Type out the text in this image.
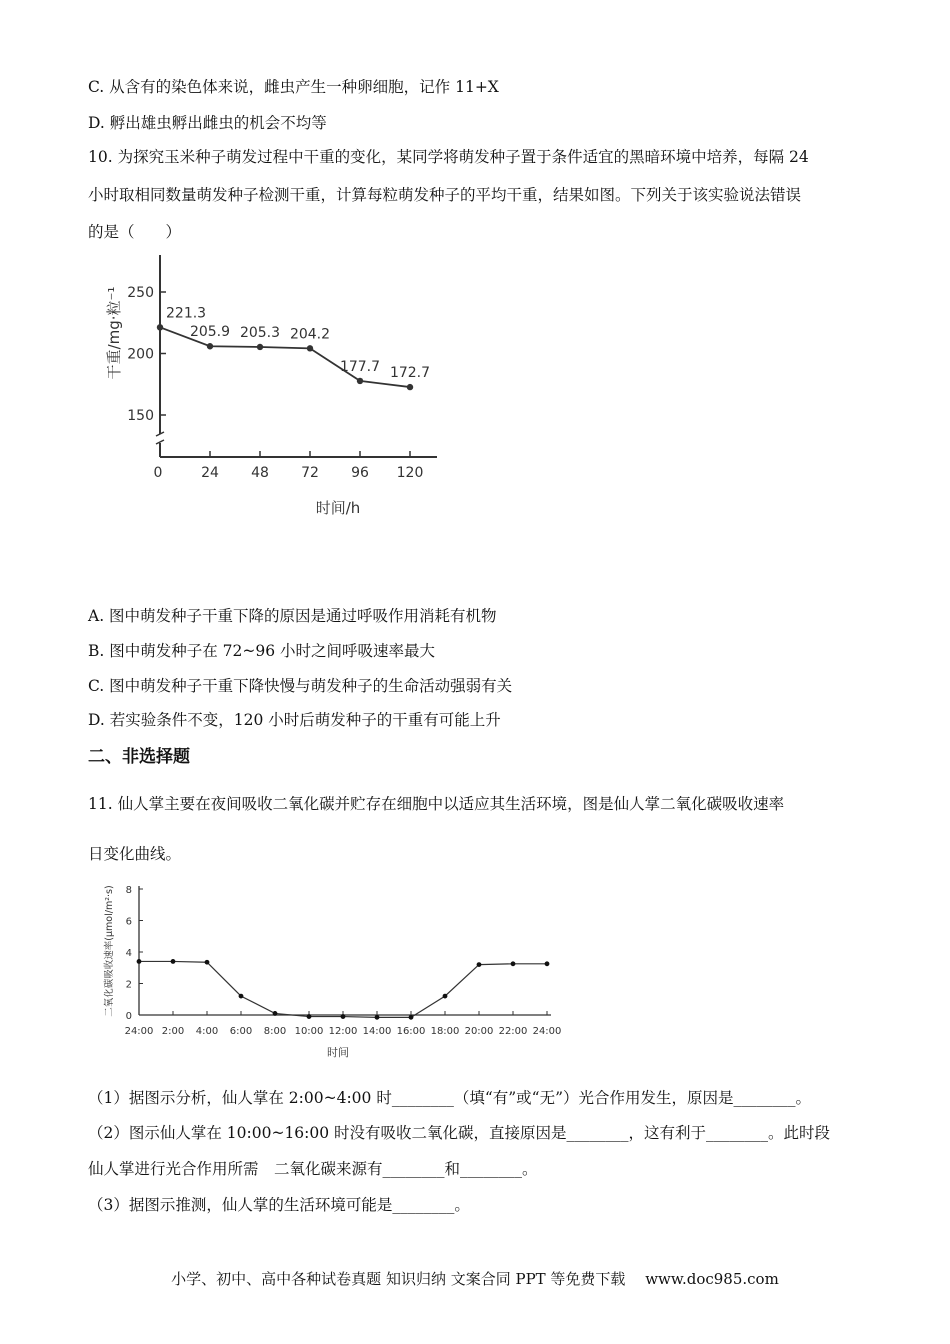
C. 从含有的染色体来说，雌虫产生一种卵细胞，记作 11+X
D. 孵出雄虫孵出雌虫的机会不均等
10. 为探究玉米种子萌发过程中干重的变化，某同学将萌发种子置于条件适宜的黑暗环境中培养，每隔 24
小时取相同数量萌发种子检测干重，计算每粒萌发种子的平均干重，结果如图。下列关于该实验说法错误
的是（　　）
150
200
250
0	24 48 72 96 120
221.3
205.9 205.3 204.2
177.7 172.7
时间/h
干重/mg·粒⁻¹
A. 图中萌发种子干重下降的原因是通过呼吸作用消耗有机物
B. 图中萌发种子在 72~96 小时之间呼吸速率最大
C. 图中萌发种子干重下降快慢与萌发种子的生命活动强弱有关
D. 若实验条件不变，120 小时后萌发种子的干重有可能上升
二、非选择题
11. 仙人掌主要在夜间吸收二氧化碳并贮存在细胞中以适应其生活环境，图是仙人掌二氧化碳吸收速率
日变化曲线。
0
2
4
6
8
24:00 2:00 4:00 6:00 8:00 10:00 12:00 14:00 16:00 18:00 20:00 22:00 24:00
时间
二氧化碳吸收速率(μmol/m²·s)
（1）据图示分析，仙人掌在 2:00~4:00 时________（填“有”或“无”）光合作用发生，原因是________。
（2）图示仙人掌在 10:00~16:00 时没有吸收二氧化碳，直接原因是________，这有利于________。此时段
仙人掌进行光合作用所需　二氧化碳来源有________和________。
（3）据图示推测，仙人掌的生活环境可能是________。
小学、初中、高中各种试卷真题 知识归纳 文案合同 PPT 等免费下载　 www.doc985.com
